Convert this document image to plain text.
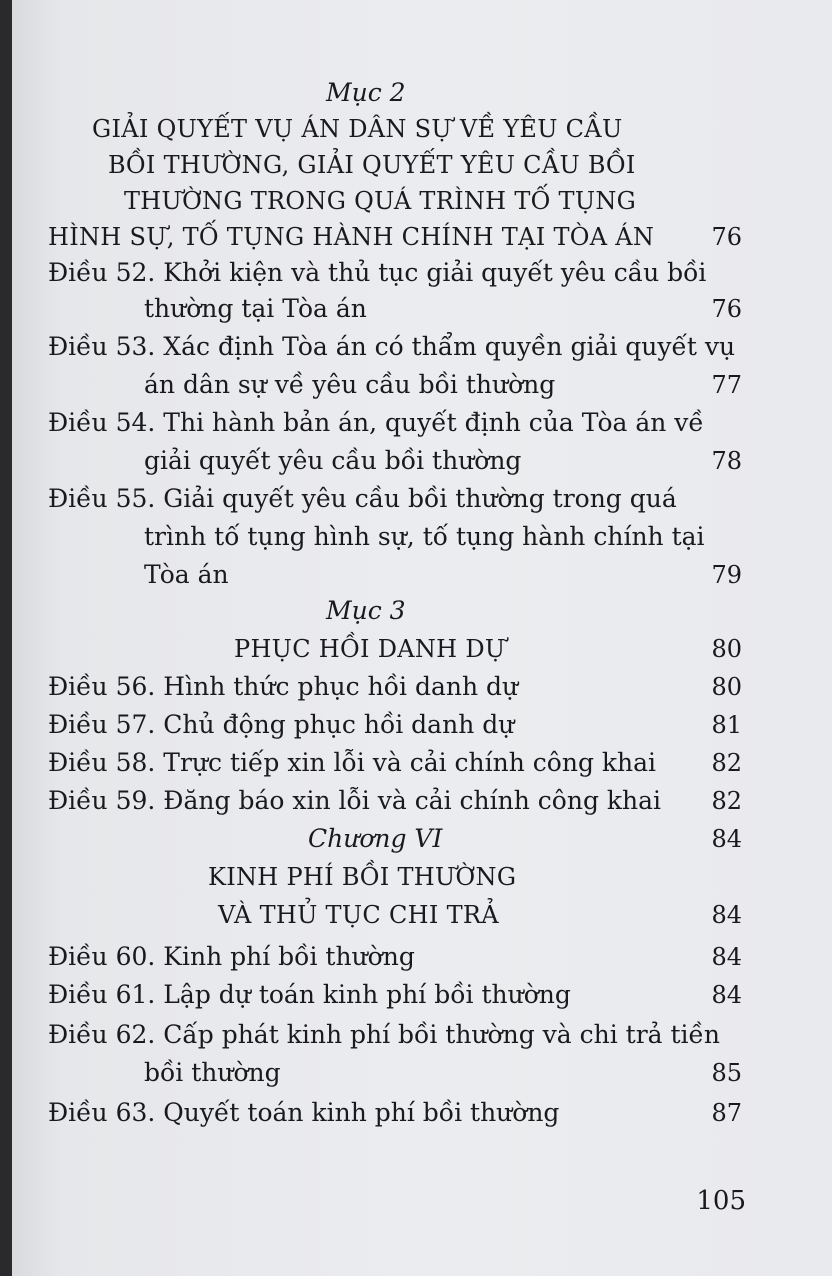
Mục 2
GIẢI QUYẾT VỤ ÁN DÂN SỰ VỀ YÊU CẦU
BỒI THƯỜNG, GIẢI QUYẾT YÊU CẦU BỒI
THƯỜNG TRONG QUÁ TRÌNH TỐ TỤNG
HÌNH SỰ, TỐ TỤNG HÀNH CHÍNH TẠI TÒA ÁN 76
Điều 52. Khởi kiện và thủ tục giải quyết yêu cầu bồi
thường tại Tòa án	76
Điều 53. Xác định Tòa án có thẩm quyền giải quyết vụ
án dân sự về yêu cầu bồi thường	77
Điều 54. Thi hành bản án, quyết định của Tòa án về
giải quyết yêu cầu bồi thường	78
Điều 55. Giải quyết yêu cầu bồi thường trong quá
trình tố tụng hình sự, tố tụng hành chính tại
Tòa án	79
Mục 3
PHỤC HỒI DANH DỰ	80
Điều 56. Hình thức phục hồi danh dự	80
Điều 57. Chủ động phục hồi danh dự	81
Điều 58. Trực tiếp xin lỗi và cải chính công khai 82
Điều 59. Đăng báo xin lỗi và cải chính công khai 82
Chương VI	84
KINH PHÍ BỒI THƯỜNG
VÀ THỦ TỤC CHI TRẢ	84
Điều 60. Kinh phí bồi thường	84
Điều 61. Lập dự toán kinh phí bồi thường	84
Điều 62. Cấp phát kinh phí bồi thường và chi trả tiền
bồi thường	85
Điều 63. Quyết toán kinh phí bồi thường	87
105
